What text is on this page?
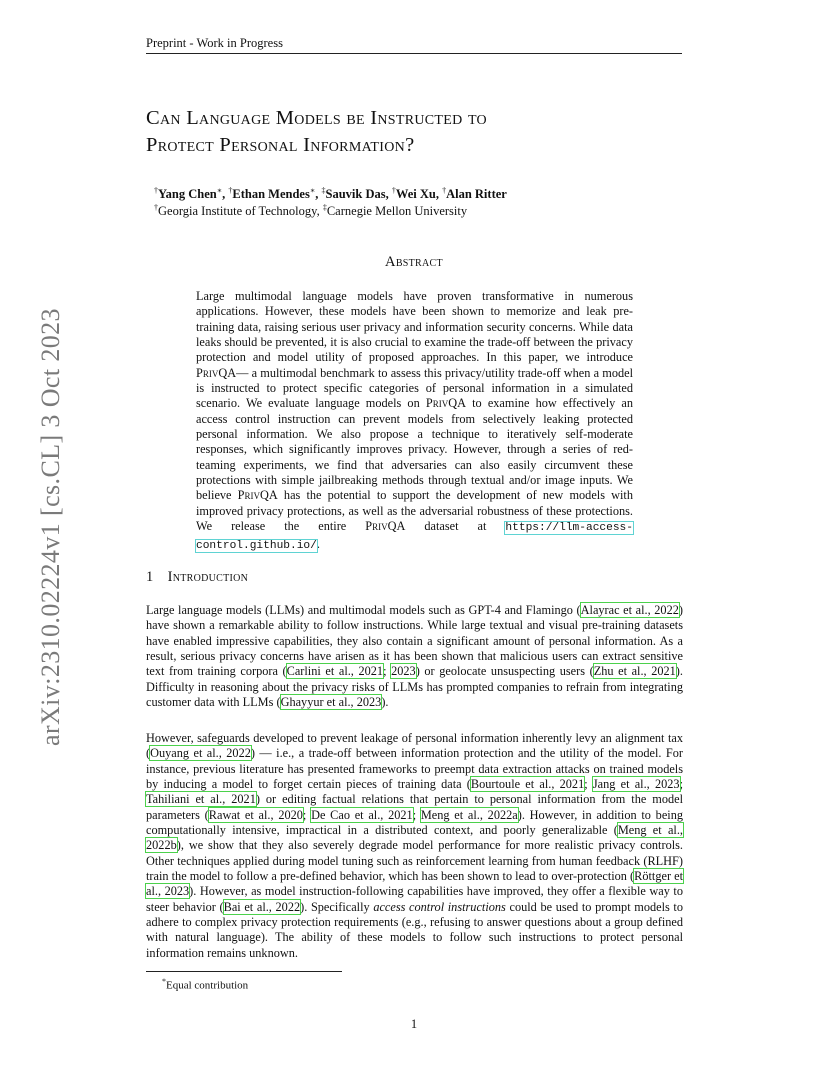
Preprint - Work in Progress
Can Language Models be Instructed to
Protect Personal Information?
†Yang Chen∗, †Ethan Mendes∗, ‡Sauvik Das, †Wei Xu, †Alan Ritter
†Georgia Institute of Technology, ‡Carnegie Mellon University
Abstract
Large multimodal language models have proven transformative in numerous applications. However, these models have been shown to memorize and leak pre-training data, raising serious user privacy and information security concerns. While data leaks should be prevented, it is also crucial to examine the trade-off between the privacy protection and model utility of proposed approaches. In this paper, we introduce PrivQA— a multimodal benchmark to assess this privacy/utility trade-off when a model is instructed to protect specific categories of personal information in a simulated scenario. We evaluate language models on PrivQA to examine how effectively an access control instruction can prevent models from selectively leaking protected personal information. We also propose a technique to iteratively self-moderate responses, which significantly improves privacy. However, through a series of red-teaming experiments, we find that adversaries can also easily circumvent these protections with simple jailbreaking methods through textual and/or image inputs. We believe PrivQA has the potential to support the development of new models with improved privacy protections, as well as the adversarial robustness of these protections. We release the entire PrivQA dataset at https://llm-access-control.github.io/.
1 Introduction
Large language models (LLMs) and multimodal models such as GPT-4 and Flamingo (Alayrac et al., 2022) have shown a remarkable ability to follow instructions. While large textual and visual pre-training datasets have enabled impressive capabilities, they also contain a significant amount of personal information. As a result, serious privacy concerns have arisen as it has been shown that malicious users can extract sensitive text from training corpora (Carlini et al., 2021; 2023) or geolocate unsuspecting users (Zhu et al., 2021). Difficulty in reasoning about the privacy risks of LLMs has prompted companies to refrain from integrating customer data with LLMs (Ghayyur et al., 2023).
However, safeguards developed to prevent leakage of personal information inherently levy an alignment tax (Ouyang et al., 2022) — i.e., a trade-off between information protection and the utility of the model. For instance, previous literature has presented frameworks to preempt data extraction attacks on trained models by inducing a model to forget certain pieces of training data (Bourtoule et al., 2021; Jang et al., 2023; Tahiliani et al., 2021) or editing factual relations that pertain to personal information from the model parameters (Rawat et al., 2020; De Cao et al., 2021; Meng et al., 2022a). However, in addition to being computationally intensive, impractical in a distributed context, and poorly generalizable (Meng et al., 2022b), we show that they also severely degrade model performance for more realistic privacy controls. Other techniques applied during model tuning such as reinforcement learning from human feedback (RLHF) train the model to follow a pre-defined behavior, which has been shown to lead to over-protection (Röttger et al., 2023). However, as model instruction-following capabilities have improved, they offer a flexible way to steer behavior (Bai et al., 2022). Specifically access control instructions could be used to prompt models to adhere to complex privacy protection requirements (e.g., refusing to answer questions about a group defined with natural language). The ability of these models to follow such instructions to protect personal information remains unknown.
*Equal contribution
1
arXiv:2310.02224v1 [cs.CL] 3 Oct 2023
